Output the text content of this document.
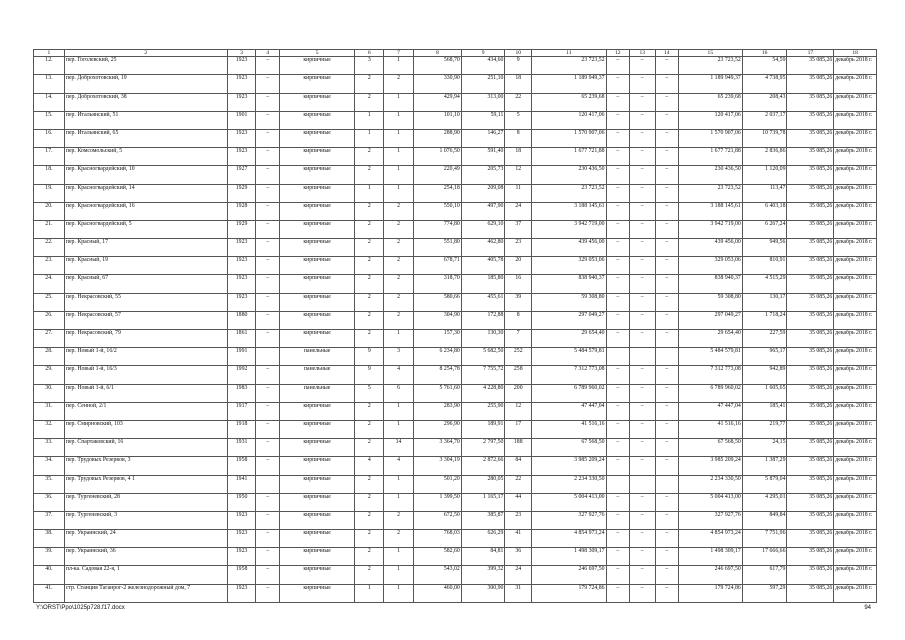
1	2	3	4	5	6	7	8	9	10	11	12	13	14	15	16	17	18
12.	пер. Гоголевский, 25	1923	–	кирпичные	3	1	568,70	434,60	9	23 723,52	–	–	–	23 723,52	54,59	35 085,26	декабрь 2018 г.
13.	пер. Доброхотовский, 19	1923	–	кирпичные	2	2	330,90	251,10	18	1 189 949,37	–	–	–	1 189 949,37	4 738,95	35 085,26	декабрь 2018 г.
14.	пер. Доброхотовский, 38	1923	–	кирпичные	2	1	429,94	313,00	22	65 239,68	–	–	–	65 239,68	208,43	35 085,26	декабрь 2018 г.
15.	пер. Итальянский, 51	1901	–	кирпичные	1	1	101,10	59,11	5	120 417,06	–	–	–	120 417,06	2 037,17	35 085,26	декабрь 2018 г.
16.	пер. Итальянский, 65	1923	–	кирпичные	1	1	288,90	146,27	8	1 570 907,06	–	–	–	1 570 907,06	10 739,78	35 085,26	декабрь 2018 г.
17.	пер. Комсомольский, 5	1923	–	кирпичные	2	1	1 076,50	591,40	18	1 677 721,88	–	–	–	1 677 721,88	2 836,86	35 085,26	декабрь 2018 г.
18.	пер. Красногвардейский, 10	1927	–	кирпичные	2	1	220,49	205,73	12	230 436,50	–	–	–	230 436,50	1 120,09	35 085,26	декабрь 2018 г.
19.	пер. Красногвардейский, 14	1929	–	кирпичные	1	1	254,18	209,08	11	23 723,52	–	–	–	23 723,52	113,47	35 085,26	декабрь 2018 г.
20.	пер. Красногвардейский, 16	1928	–	кирпичные	2	2	550,10	497,90	24	3 188 145,61	–	–	–	3 188 145,61	6 403,18	35 085,26	декабрь 2018 г.
21.	пер. Красногвардейский, 5	1929	–	кирпичные	2	2	774,80	629,10	37	3 942 719,00	–	–	–	3 942 719,00	6 267,24	35 085,26	декабрь 2018 г.
22.	пер. Красный, 17	1923	–	кирпичные	2	2	551,80	462,80	23	439 456,00	–	–	–	439 456,00	949,56	35 085,26	декабрь 2018 г.
23.	пер. Красный, 19	1923	–	кирпичные	2	2	678,71	405,78	20	329 053,06	–	–	–	329 053,06	810,91	35 085,26	декабрь 2018 г.
24.	пер. Красный, 67	1923	–	кирпичные	2	2	318,70	185,80	16	838 940,37	–	–	–	838 940,37	4 515,29	35 085,26	декабрь 2018 г.
25.	пер. Некрасовский, 55	1923	–	кирпичные	2	2	580,66	455,61	39	59 308,80	–	–	–	59 308,80	130,17	35 085,26	декабрь 2018 г.
26.	пер. Некрасовский, 57	1880	–	кирпичные	2	2	304,90	172,88	8	297 049,27	–	–	–	297 049,27	1 718,24	35 085,26	декабрь 2018 г.
27.	пер. Некрасовский, 79	1861	–	кирпичные	2	1	157,30	130,30	7	29 654,40	–	–	–	29 654,40	227,59	35 085,26	декабрь 2018 г.
28.	пер. Новый 1-й, 16/2	1991		панельные	9	3	6 234,80	5 682,50	252	5 484 579,81				5 484 579,81	965,17	35 085,26	декабрь 2018 г.
29.	пер. Новый 1-й, 16/3	1992	–	панельные	9	4	8 254,78	7 755,72	258	7 312 773,08	–	–	–	7 312 773,08	942,89	35 085,26	декабрь 2018 г.
30.	пер. Новый 1-й, 6/1	1983	–	панельные	5	6	5 761,60	4 228,80	200	6 789 960,02	–	–	–	6 789 960,02	1 605,65	35 085,26	декабрь 2018 г.
31.	пер. Сенной, 2/1	1917	–	кирпичные	2	1	283,90	255,90	12	47 447,04	–	–	–	47 447,04	185,41	35 085,26	декабрь 2018 г.
32.	пер. Смирновский, 103	1918	–	кирпичные	2	1	296,90	189,91	17	41 516,16	–	–	–	41 516,16	219,77	35 085,26	декабрь 2018 г.
33.	пер. Спартаковский, 16	1931	–	кирпичные	2	14	3 364,70	2 797,50	188	67 568,50	–	–	–	67 568,50	24,15	35 085,26	декабрь 2018 г.
34.	пер. Трудовых Резервов, 3	1958	–	кирпичные	4	4	3 304,19	2 872,66	84	3 985 209,24	–	–	–	3 985 209,24	1 387,29	35 085,26	декабрь 2018 г.
35.	пер. Трудовых Резервов, 4 1	1941		кирпичные	2	1	501,20	280,05	22	2 234 330,50				2 234 330,50	5 879,04	35 085,26	декабрь 2018 г.
36.	пер. Тургеневский, 28	1950	–	кирпичные	2	1	1 399,50	1 165,17	44	5 004 413,00	–	–	–	5 004 413,00	4 295,01	35 085,26	декабрь 2018 г.
37.	пер. Тургеневский, 3	1923	–	кирпичные	2	2	672,50	385,87	23	327 927,76	–	–	–	327 927,76	849,84	35 085,26	декабрь 2018 г.
38.	пер. Украинский, 24	1923	–	кирпичные	2	2	768,03	626,29	41	4 854 973,24	–	–	–	4 854 973,24	7 751,96	35 085,26	декабрь 2018 г.
39.	пер. Украинский, 36	1923	–	кирпичные	2	1	582,60	84,81	36	1 498 309,17	–	–	–	1 498 309,17	17 666,66	35 085,26	декабрь 2018 г.
40.	пл-ка. Садовая 22-я, 1	1958	–	кирпичные	2	1	543,02	399,32	24	246 697,50	–	–	–	246 697,50	617,79	35 085,26	декабрь 2018 г.
41.	стр. Станция Таганрог-2 железнодорожный дом, 7	1923	–	кирпичные	1	1	460,00	300,90	31	179 724,86	–	–	–	179 724,86	597,29	35 085,26	декабрь 2018 г.
Y:\ORST\Ppo\1025p728.f17.docx	94
